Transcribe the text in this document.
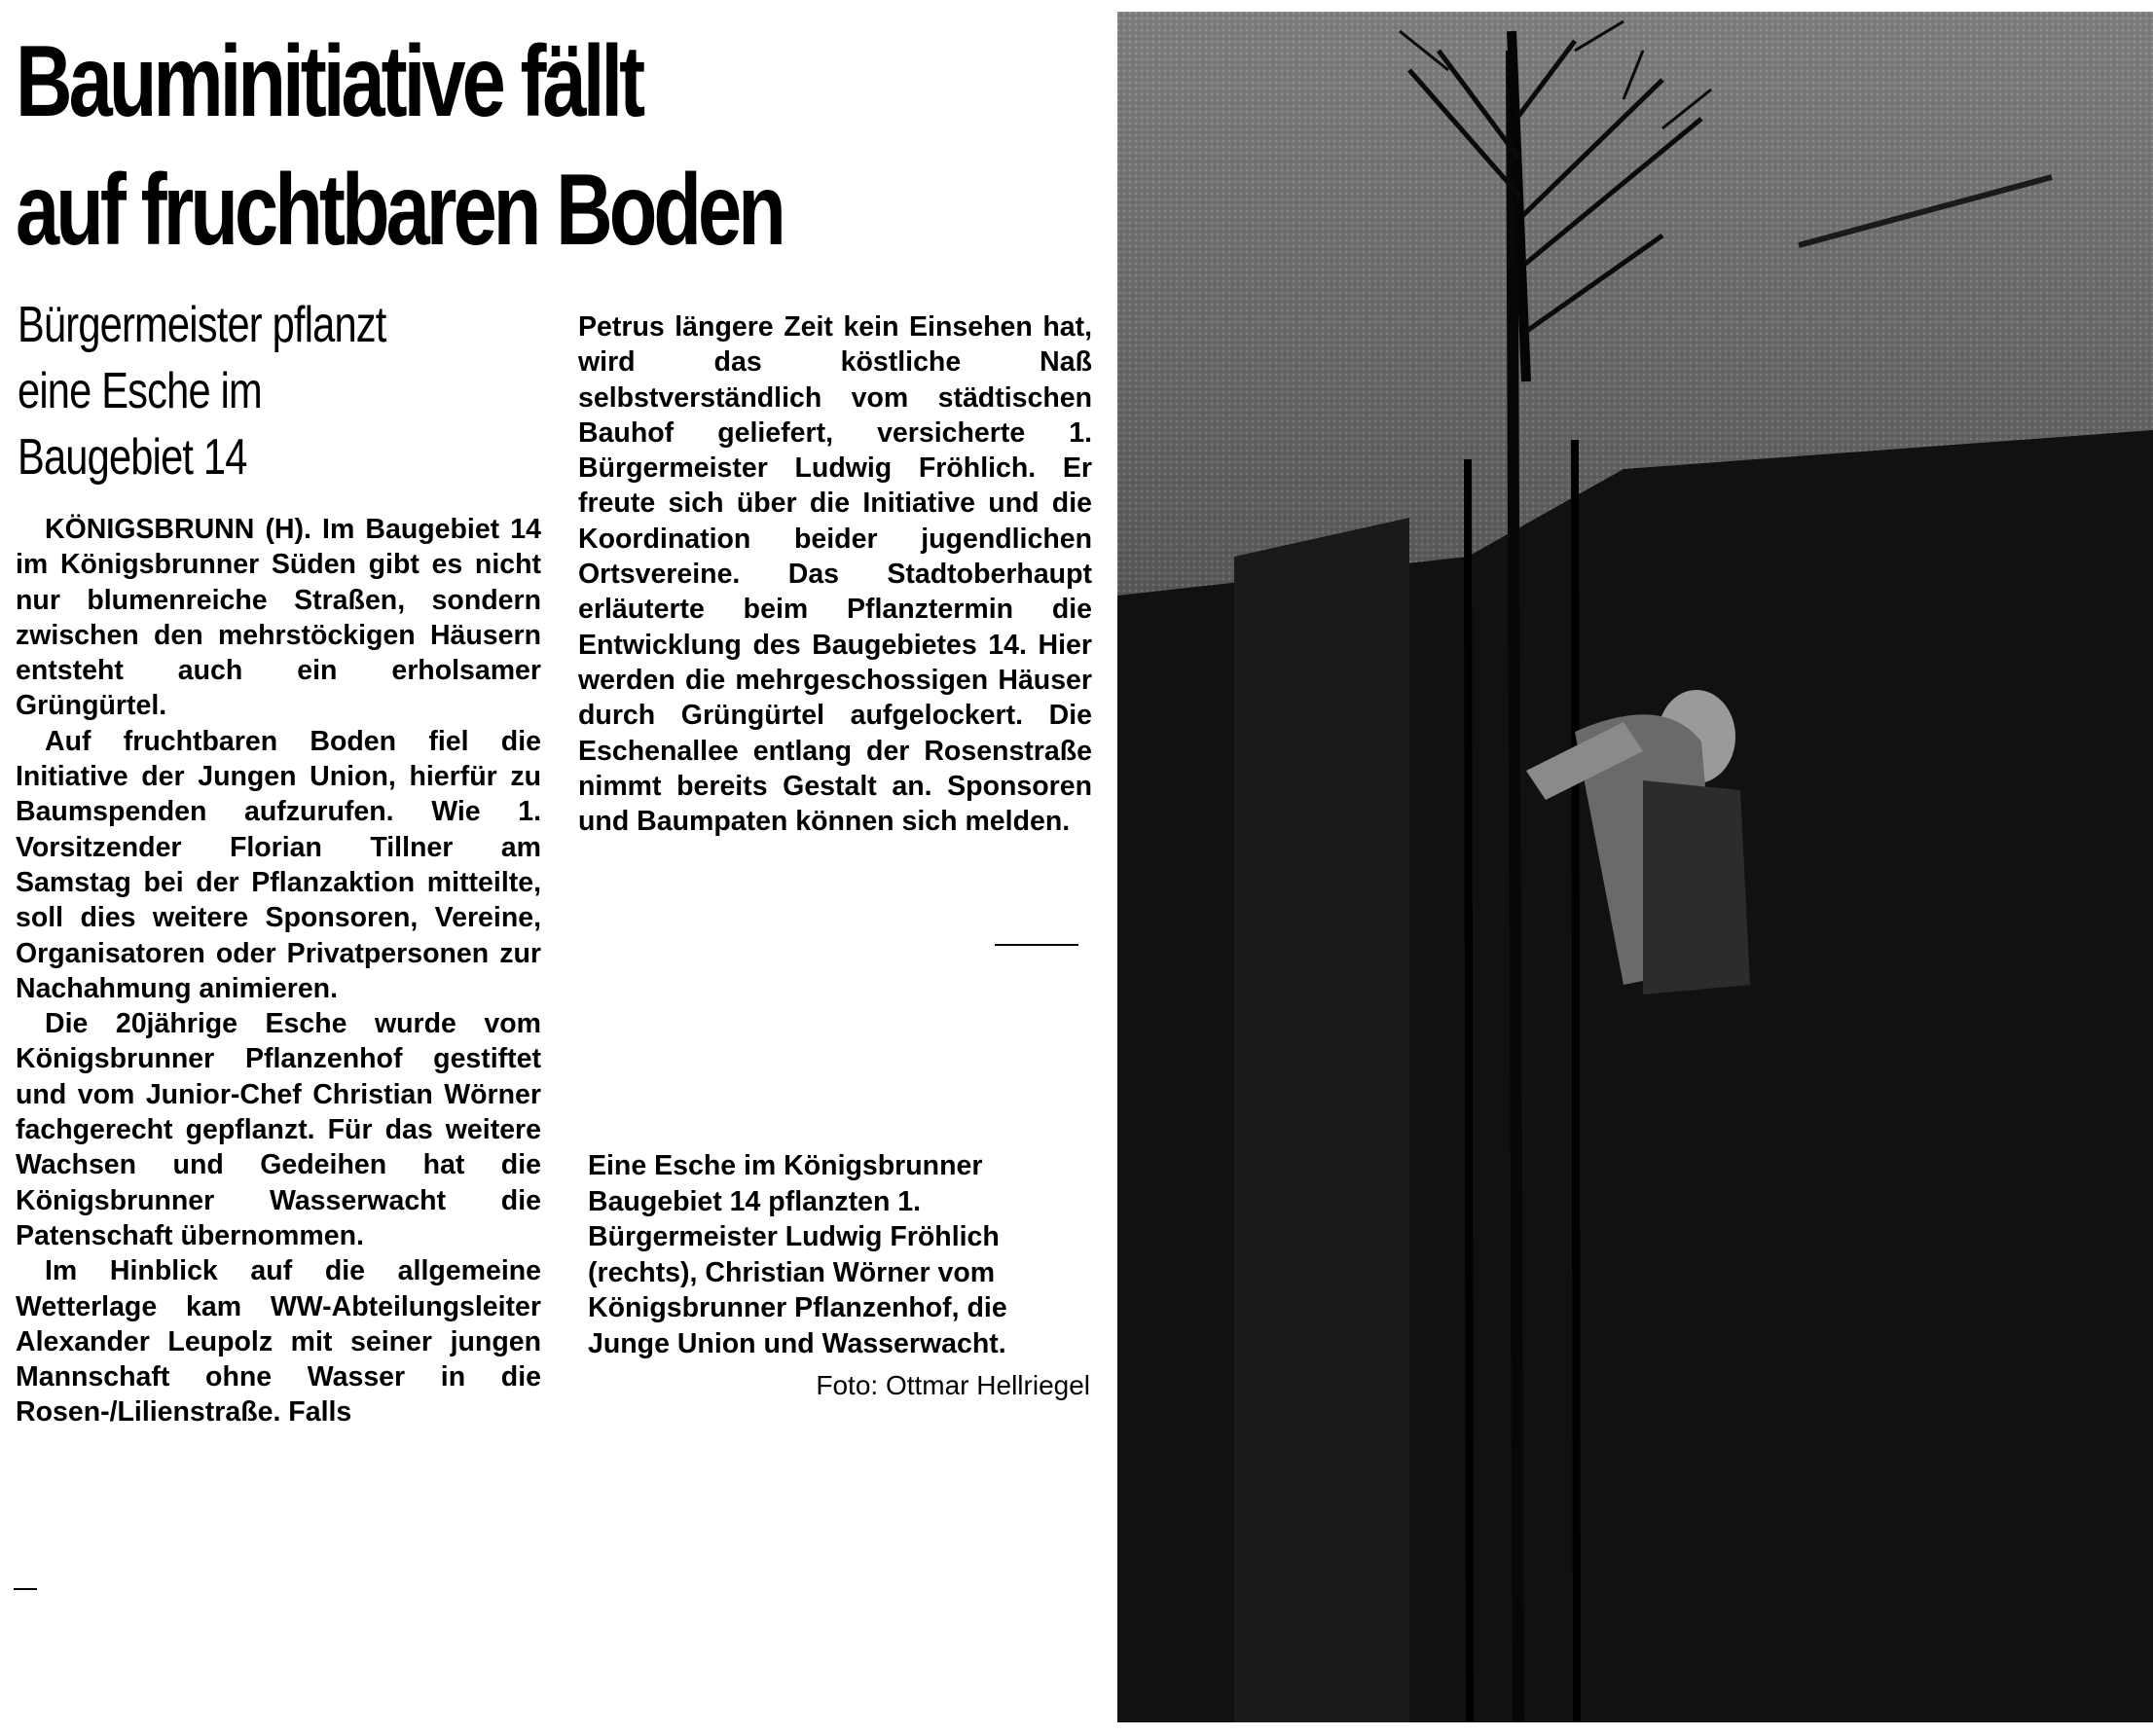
Bauminitiative fällt
auf fruchtbaren Boden
Bürgermeister pflanzt
eine Esche im
Baugebiet 14

KÖNIGSBRUNN (H). Im Baugebiet 14 im Königsbrunner Süden gibt es nicht nur blumenreiche Straßen, sondern zwischen den mehrstöckigen Häusern entsteht auch ein erholsamer Grüngürtel.

Auf fruchtbaren Boden fiel die Initiative der Jungen Union, hierfür zu Baumspenden aufzurufen. Wie 1. Vorsitzender Florian Tillner am Samstag bei der Pflanzaktion mitteilte, soll dies weitere Sponsoren, Vereine, Organisatoren oder Privatpersonen zur Nachahmung animieren.

Die 20jährige Esche wurde vom Königsbrunner Pflanzenhof gestiftet und vom Junior-Chef Christian Wörner fachgerecht gepflanzt. Für das weitere Wachsen und Gedeihen hat die Königsbrunner Wasserwacht die Patenschaft übernommen.

Im Hinblick auf die allgemeine Wetterlage kam WW-Abteilungsleiter Alexander Leupolz mit seiner jungen Mannschaft ohne Wasser in die Rosen-/Lilienstraße. Falls

Petrus längere Zeit kein Einsehen hat, wird das köstliche Naß selbstverständlich vom städtischen Bauhof geliefert, versicherte 1. Bürgermeister Ludwig Fröhlich. Er freute sich über die Initiative und die Koordination beider jugendlichen Ortsvereine. Das Stadtoberhaupt erläuterte beim Pflanztermin die Entwicklung des Baugebietes 14. Hier werden die mehrgeschossigen Häuser durch Grüngürtel aufgelockert. Die Eschenallee entlang der Rosenstraße nimmt bereits Gestalt an. Sponsoren und Baumpaten können sich melden.

Eine Esche im Königsbrunner Baugebiet 14 pflanzten 1. Bürgermeister Ludwig Fröhlich (rechts), Christian Wörner vom Königsbrunner Pflanzenhof, die Junge Union und Wasserwacht.
Foto: Ottmar Hellriegel
